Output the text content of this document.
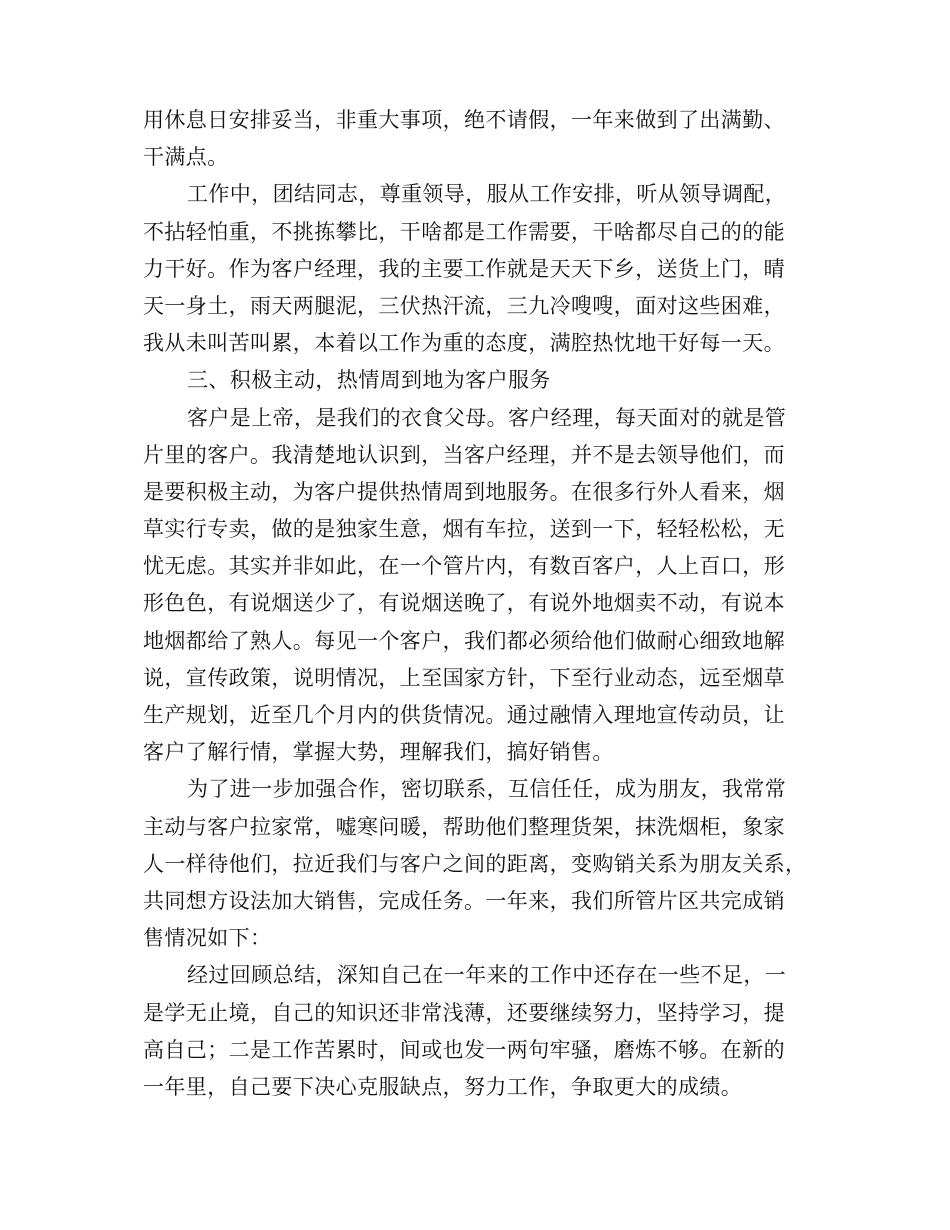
用休息日安排妥当，非重大事项，绝不请假，一年来做到了出满勤、
干满点。
工作中，团结同志，尊重领导，服从工作安排，听从领导调配，
不拈轻怕重，不挑拣攀比，干啥都是工作需要，干啥都尽自己的的能
力干好。作为客户经理，我的主要工作就是天天下乡，送货上门，晴
天一身土，雨天两腿泥，三伏热汗流，三九冷嗖嗖，面对这些困难，
我从未叫苦叫累，本着以工作为重的态度，满腔热忱地干好每一天。
三、积极主动，热情周到地为客户服务
客户是上帝，是我们的衣食父母。客户经理，每天面对的就是管
片里的客户。我清楚地认识到，当客户经理，并不是去领导他们，而
是要积极主动，为客户提供热情周到地服务。在很多行外人看来，烟
草实行专卖，做的是独家生意，烟有车拉，送到一下，轻轻松松，无
忧无虑。其实并非如此，在一个管片内，有数百客户，人上百口，形
形色色，有说烟送少了，有说烟送晚了，有说外地烟卖不动，有说本
地烟都给了熟人。每见一个客户，我们都必须给他们做耐心细致地解
说，宣传政策，说明情况，上至国家方针，下至行业动态，远至烟草
生产规划，近至几个月内的供货情况。通过融情入理地宣传动员，让
客户了解行情，掌握大势，理解我们，搞好销售。
为了进一步加强合作，密切联系，互信任任，成为朋友，我常常
主动与客户拉家常，嘘寒问暖，帮助他们整理货架，抹洗烟柜，象家
人一样待他们，拉近我们与客户之间的距离，变购销关系为朋友关系，
共同想方设法加大销售，完成任务。一年来，我们所管片区共完成销
售情况如下：
经过回顾总结，深知自己在一年来的工作中还存在一些不足，一
是学无止境，自己的知识还非常浅薄，还要继续努力，坚持学习，提
高自己；二是工作苦累时，间或也发一两句牢骚，磨炼不够。在新的
一年里，自己要下决心克服缺点，努力工作，争取更大的成绩。
